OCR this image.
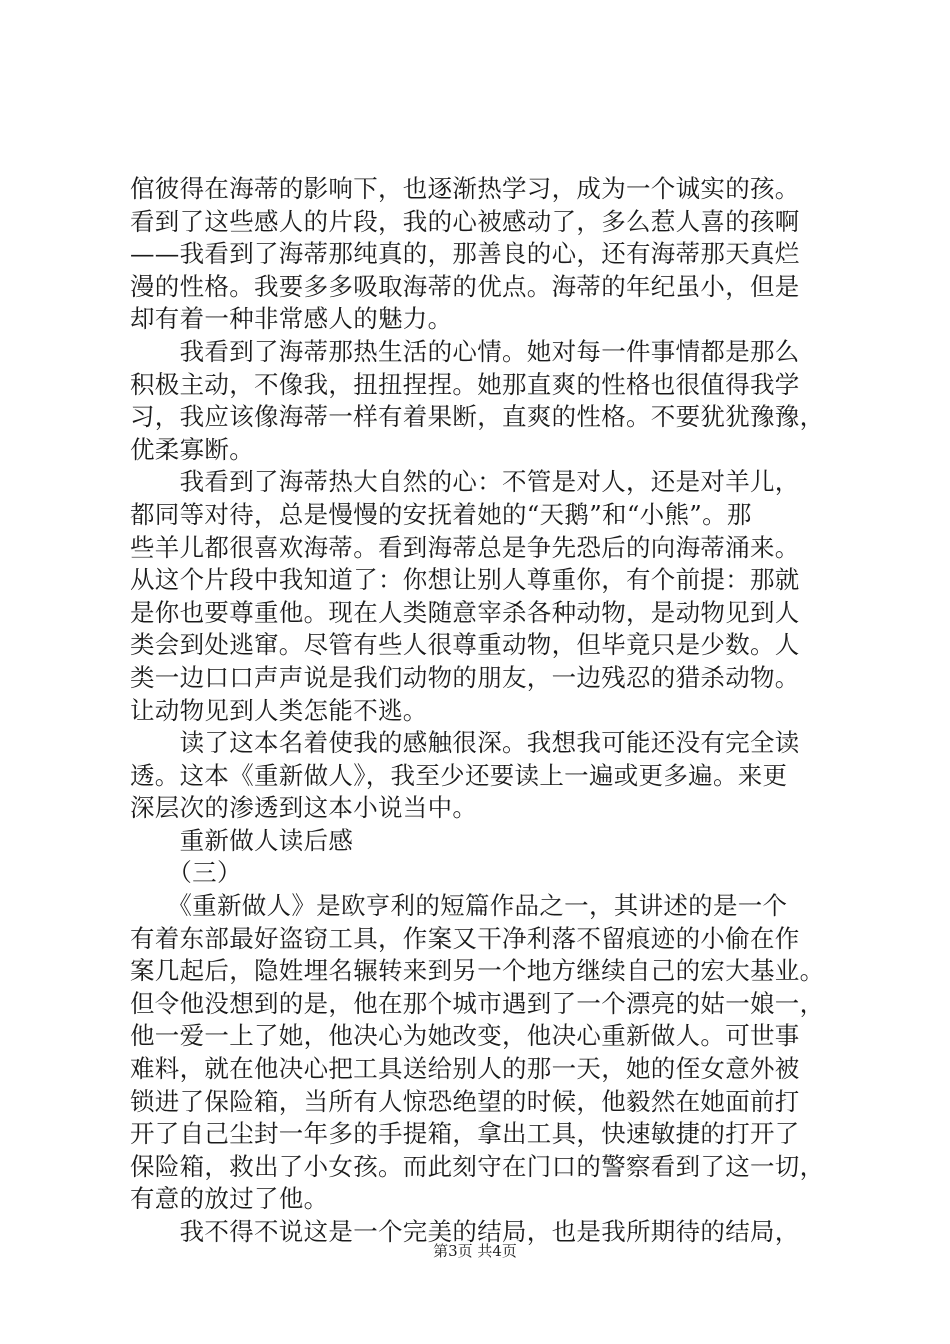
倌彼得在海蒂的影响下，也逐渐热学习，成为一个诚实的孩。
看到了这些感人的片段，我的心被感动了，多么惹人喜的孩啊
——我看到了海蒂那纯真的，那善良的心，还有海蒂那天真烂
漫的性格。我要多多吸取海蒂的优点。海蒂的年纪虽小，但是
却有着一种非常感人的魅力。
　　我看到了海蒂那热生活的心情。她对每一件事情都是那么
积极主动，不像我，扭扭捏捏。她那直爽的性格也很值得我学
习，我应该像海蒂一样有着果断，直爽的性格。不要犹犹豫豫，
优柔寡断。
　　我看到了海蒂热大自然的心：不管是对人，还是对羊儿，
都同等对待，总是慢慢的安抚着她的“天鹅”和“小熊”。那
些羊儿都很喜欢海蒂。看到海蒂总是争先恐后的向海蒂涌来。
从这个片段中我知道了：你想让别人尊重你，有个前提：那就
是你也要尊重他。现在人类随意宰杀各种动物，是动物见到人
类会到处逃窜。尽管有些人很尊重动物，但毕竟只是少数。人
类一边口口声声说是我们动物的朋友，一边残忍的猎杀动物。
让动物见到人类怎能不逃。
　　读了这本名着使我的感触很深。我想我可能还没有完全读
透。这本《重新做人》，我至少还要读上一遍或更多遍。来更
深层次的渗透到这本小说当中。
　　重新做人读后感
　　（三）
　　《重新做人》是欧亨利的短篇作品之一，其讲述的是一个
有着东部最好盗窃工具，作案又干净利落不留痕迹的小偷在作
案几起后，隐姓埋名辗转来到另一个地方继续自己的宏大基业。
但令他没想到的是，他在那个城市遇到了一个漂亮的姑一娘一，
他一爱一上了她，他决心为她改变，他决心重新做人。可世事
难料，就在他决心把工具送给别人的那一天，她的侄女意外被
锁进了保险箱，当所有人惊恐绝望的时候，他毅然在她面前打
开了自己尘封一年多的手提箱，拿出工具，快速敏捷的打开了
保险箱，救出了小女孩。而此刻守在门口的警察看到了这一切，
有意的放过了他。
　　我不得不说这是一个完美的结局，也是我所期待的结局，
第3页 共4页
